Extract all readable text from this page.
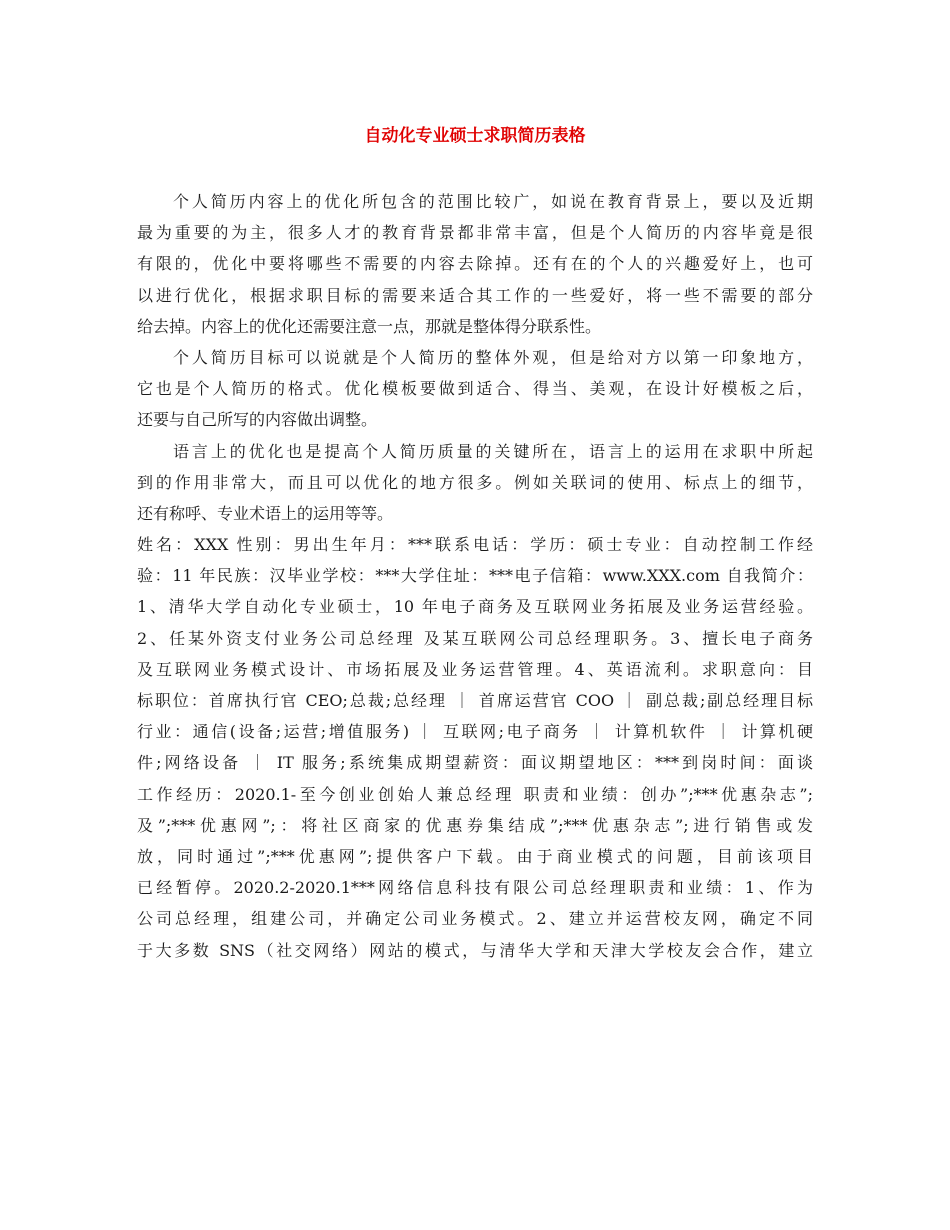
自动化专业硕士求职简历表格
个人简历内容上的优化所包含的范围比较广，如说在教育背景上，要以及近期
最为重要的为主，很多人才的教育背景都非常丰富，但是个人简历的内容毕竟是很
有限的，优化中要将哪些不需要的内容去除掉。还有在的个人的兴趣爱好上，也可
以进行优化，根据求职目标的需要来适合其工作的一些爱好，将一些不需要的部分
给去掉。内容上的优化还需要注意一点，那就是整体得分联系性。
个人简历目标可以说就是个人简历的整体外观，但是给对方以第一印象地方，
它也是个人简历的格式。优化模板要做到适合、得当、美观，在设计好模板之后，
还要与自己所写的内容做出调整。
语言上的优化也是提高个人简历质量的关键所在，语言上的运用在求职中所起
到的作用非常大，而且可以优化的地方很多。例如关联词的使用、标点上的细节，
还有称呼、专业术语上的运用等等。
姓名：XXX 性别：男出生年月：***联系电话：学历：硕士专业：自动控制工作经
验：11 年民族：汉毕业学校：***大学住址：***电子信箱：www.XXX.com 自我简介：
1、清华大学自动化专业硕士，10 年电子商务及互联网业务拓展及业务运营经验。
2、任某外资支付业务公司总经理 及某互联网公司总经理职务。3、擅长电子商务
及互联网业务模式设计、市场拓展及业务运营管理。4、英语流利。求职意向：目
标职位：首席执行官 CEO;总裁;总经理 ｜ 首席运营官 COO ｜ 副总裁;副总经理目标
行业：通信(设备;运营;增值服务) ｜ 互联网;电子商务 ｜ 计算机软件 ｜ 计算机硬
件;网络设备 ｜ IT 服务;系统集成期望薪资：面议期望地区：***到岗时间：面谈
工作经历：2020.1-至今创业创始人兼总经理 职责和业绩：创办”;***优惠杂志”;
及”;***优惠网”;：将社区商家的优惠券集结成”;***优惠杂志”;进行销售或发
放，同时通过”;***优惠网”;提供客户下载。由于商业模式的问题，目前该项目
已经暂停。2020.2-2020.1***网络信息科技有限公司总经理职责和业绩：1、作为
公司总经理，组建公司，并确定公司业务模式。2、建立并运营校友网，确定不同
于大多数 SNS（社交网络）网站的模式，与清华大学和天津大学校友会合作，建立
